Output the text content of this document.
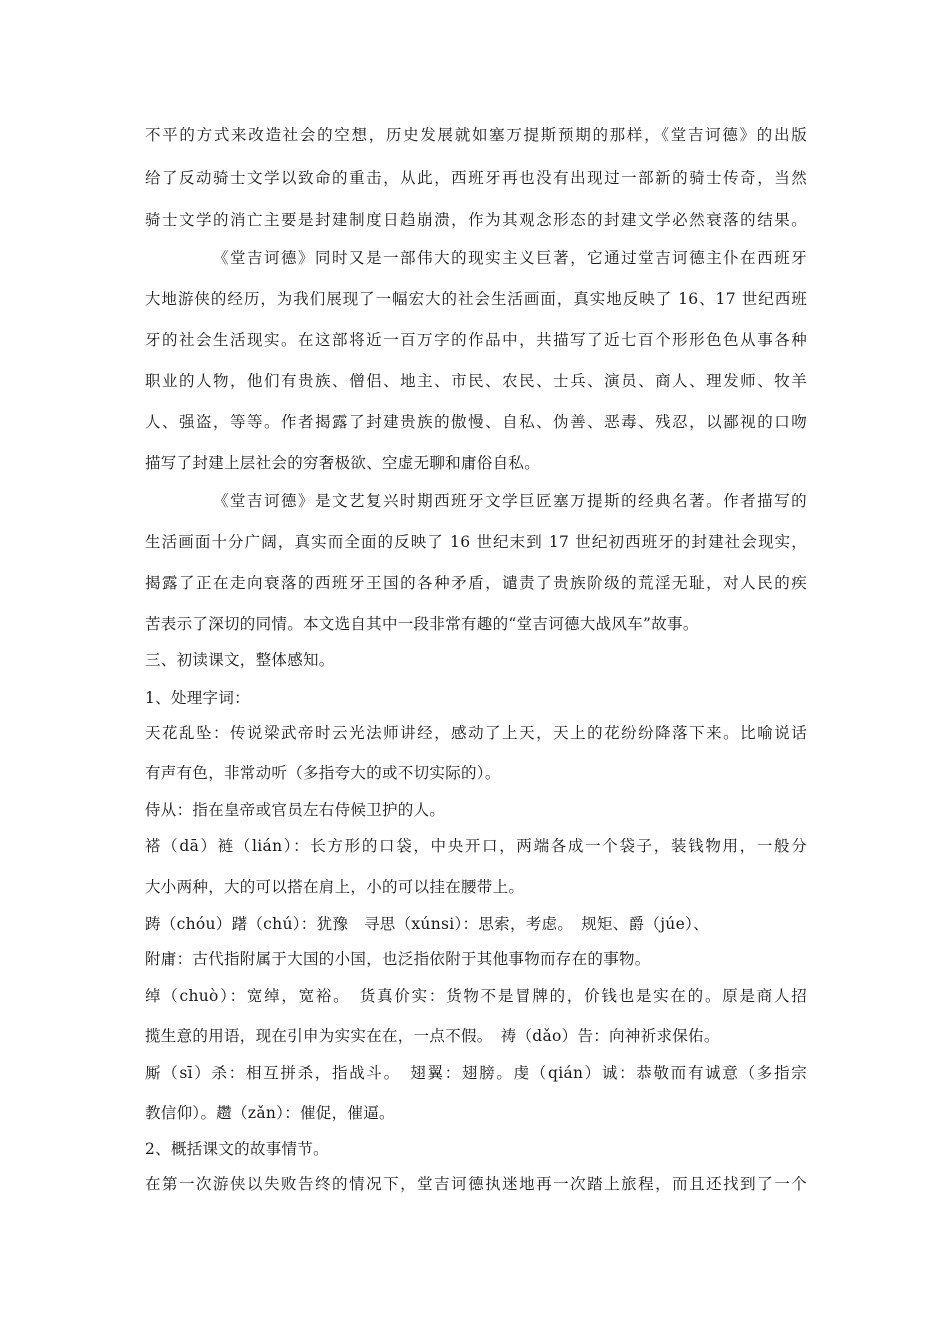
不平的方式来改造社会的空想，历史发展就如塞万提斯预期的那样，《堂吉诃德》的出版
给了反动骑士文学以致命的重击，从此，西班牙再也没有出现过一部新的骑士传奇，当然
骑士文学的消亡主要是封建制度日趋崩溃，作为其观念形态的封建文学必然衰落的结果。
《堂吉诃德》同时又是一部伟大的现实主义巨著，它通过堂吉诃德主仆在西班牙
大地游侠的经历，为我们展现了一幅宏大的社会生活画面，真实地反映了 16、17 世纪西班
牙的社会生活现实。在这部将近一百万字的作品中，共描写了近七百个形形色色从事各种
职业的人物，他们有贵族、僧侣、地主、市民、农民、士兵、演员、商人、理发师、牧羊
人、强盗，等等。作者揭露了封建贵族的傲慢、自私、伪善、恶毒、残忍，以鄙视的口吻
描写了封建上层社会的穷奢极欲、空虚无聊和庸俗自私。
《堂吉诃德》是文艺复兴时期西班牙文学巨匠塞万提斯的经典名著。作者描写的
生活画面十分广阔，真实而全面的反映了 16 世纪末到 17 世纪初西班牙的封建社会现实，
揭露了正在走向衰落的西班牙王国的各种矛盾，谴责了贵族阶级的荒淫无耻，对人民的疾
苦表示了深切的同情。本文选自其中一段非常有趣的“堂吉诃德大战风车”故事。
三、初读课文，整体感知。
1、处理字词：
天花乱坠：传说梁武帝时云光法师讲经，感动了上天，天上的花纷纷降落下来。比喻说话
有声有色，非常动听（多指夸大的或不切实际的）。
侍从：指在皇帝或官员左右侍候卫护的人。
褡（dā）裢（lián）：长方形的口袋，中央开口，两端各成一个袋子，装钱物用，一般分
大小两种，大的可以搭在肩上，小的可以挂在腰带上。
踌（chóu）躇（chú）：犹豫　寻思（xúnsi）：思索，考虑。　规矩、爵（júe）、
附庸：古代指附属于大国的小国，也泛指依附于其他事物而存在的事物。
绰（chuò）：宽绰，宽裕。　货真价实：货物不是冒牌的，价钱也是实在的。原是商人招
揽生意的用语，现在引申为实实在在，一点不假。　祷（dǎo）告：向神祈求保佑。
厮（sī）杀：相互拼杀，指战斗。　翅翼：翅膀。虔（qián）诚：恭敬而有诚意（多指宗
教信仰）。趱（zǎn）：催促，催逼。
2、概括课文的故事情节。
在第一次游侠以失败告终的情况下，堂吉诃德执迷地再一次踏上旅程，而且还找到了一个
